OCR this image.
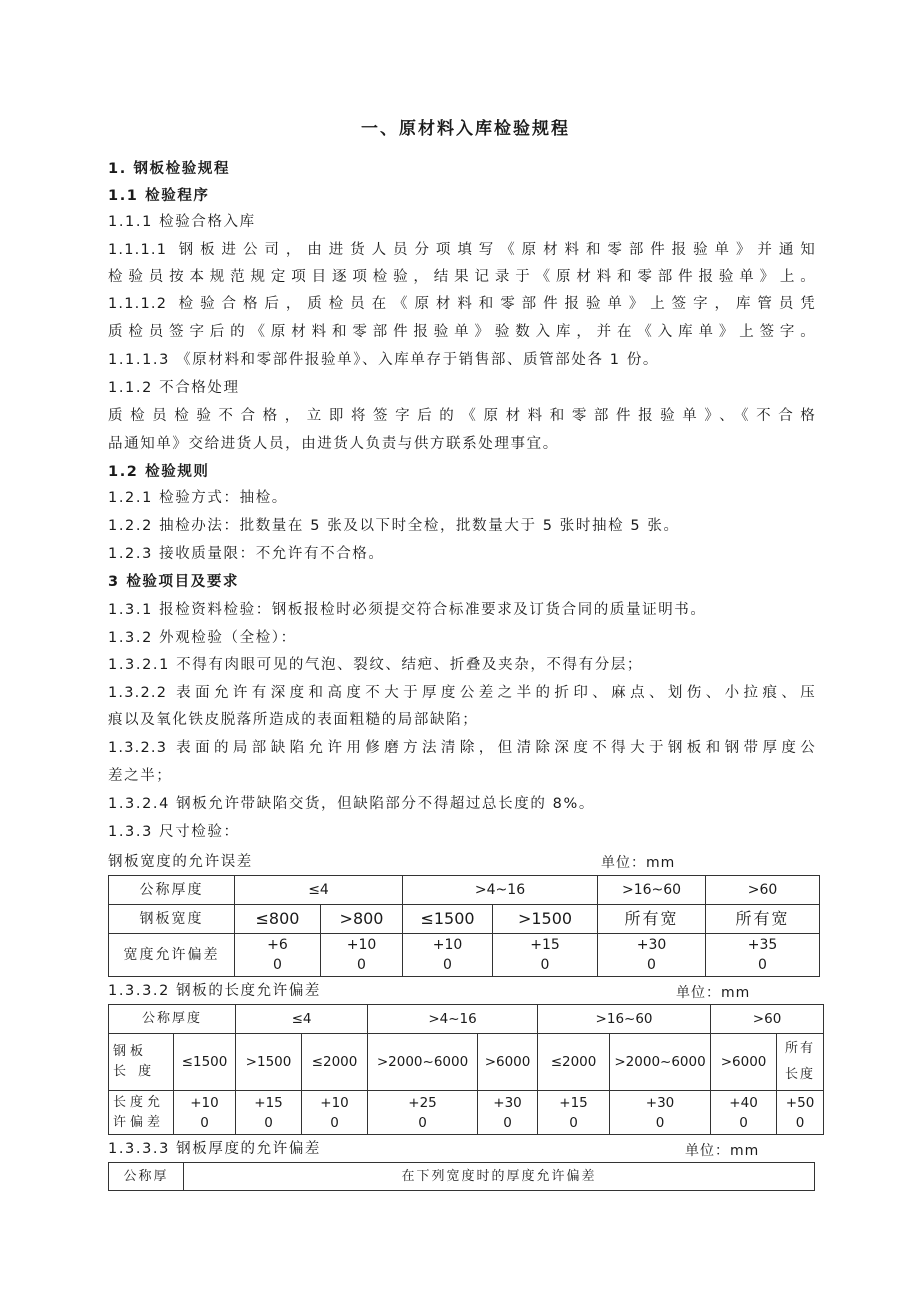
一、原材料入库检验规程
1. 钢板检验规程
1.1 检验程序
1.1.1 检验合格入库
1.1.1.1 钢板进公司，由进货人员分项填写《原材料和零部件报验单》并通知
检验员按本规范规定项目逐项检验，结果记录于《原材料和零部件报验单》上。
1.1.1.2 检验合格后，质检员在《原材料和零部件报验单》上签字，库管员凭
质检员签字后的《原材料和零部件报验单》验数入库，并在《入库单》上签字。
1.1.1.3 《原材料和零部件报验单》、入库单存于销售部、质管部处各 1 份。
1.1.2 不合格处理
质检员检验不合格，立即将签字后的《原材料和零部件报验单》、《不合格
品通知单》交给进货人员，由进货人负责与供方联系处理事宜。
1.2 检验规则
1.2.1 检验方式：抽检。
1.2.2 抽检办法：批数量在 5 张及以下时全检，批数量大于 5 张时抽检 5 张。
1.2.3 接收质量限：不允许有不合格。
3 检验项目及要求
1.3.1 报检资料检验：钢板报检时必须提交符合标准要求及订货合同的质量证明书。
1.3.2 外观检验（全检）：
1.3.2.1 不得有肉眼可见的气泡、裂纹、结疤、折叠及夹杂，不得有分层；
1.3.2.2 表面允许有深度和高度不大于厚度公差之半的折印、麻点、划伤、小拉痕、压
痕以及氧化铁皮脱落所造成的表面粗糙的局部缺陷；
1.3.2.3 表面的局部缺陷允许用修磨方法清除，但清除深度不得大于钢板和钢带厚度公
差之半；
1.3.2.4 钢板允许带缺陷交货，但缺陷部分不得超过总长度的 8%。
1.3.3 尺寸检验：
钢板宽度的允许误差	单位：mm
公称厚度	≤4		>4~16		>16~60	>60
钢板宽度	≤800	>800	≤1500	>1500	所有宽	所有宽
宽度允许偏差	+6
0	+10
0	+10
0	+15
0	+30
0	+35
0
1.3.3.2 钢板的长度允许偏差	单位：mm
公称厚度		≤4		>4~16		>16~60		>60	

钢板
长 度	≤1500	>1500	≤2000	>2000~6000	>6000	≤2000	>2000~6000	>6000	所有
长度

长度允
许偏差	+10
0	+15
0	+10
0	+25
0	+30
0	+15
0	+30
0	+40
0	+50
0
1.3.3.3 钢板厚度的允许偏差	单位：mm
公称厚	在下列宽度时的厚度允许偏差
